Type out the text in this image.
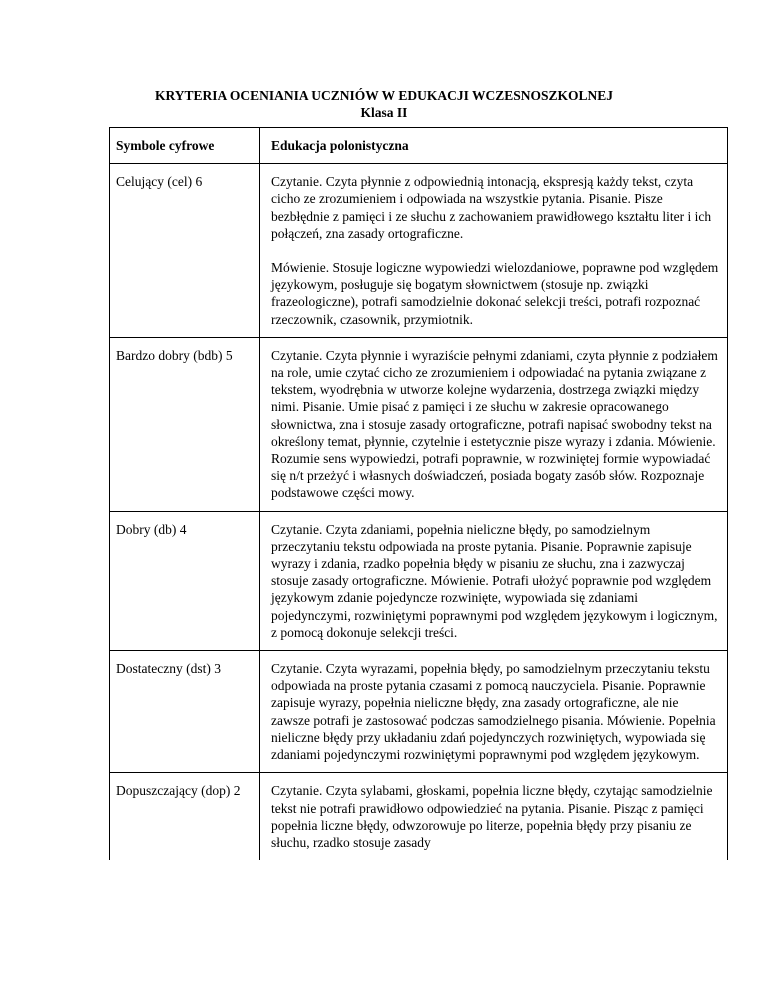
KRYTERIA OCENIANIA UCZNIÓW W EDUKACJI WCZESNOSZKOLNEJ
Klasa II
Symbole cyfrowe	Edukacja polonistyczna
Celujący (cel) 6	Czytanie. Czyta płynnie z odpowiednią intonacją, ekspresją każdy tekst, czyta cicho ze zrozumieniem i odpowiada na wszystkie pytania. Pisanie. Pisze bezbłędnie z pamięci i ze słuchu z zachowaniem prawidłowego kształtu liter i ich połączeń, zna zasady ortograficzne.

Mówienie. Stosuje logiczne wypowiedzi wielozdaniowe, poprawne pod względem językowym, posługuje się bogatym słownictwem (stosuje np. związki frazeologiczne), potrafi samodzielnie dokonać selekcji treści, potrafi rozpoznać rzeczownik, czasownik, przymiotnik.

Bardzo dobry (bdb) 5	Czytanie. Czyta płynnie i wyraziście pełnymi zdaniami, czyta płynnie z podziałem na role, umie czytać cicho ze zrozumieniem i odpowiadać na pytania związane z tekstem, wyodrębnia w utworze kolejne wydarzenia, dostrzega związki między nimi. Pisanie. Umie pisać z pamięci i ze słuchu w zakresie opracowanego słownictwa, zna i stosuje zasady ortograficzne, potrafi napisać swobodny tekst na określony temat, płynnie, czytelnie i estetycznie pisze wyrazy i zdania. Mówienie. Rozumie sens wypowiedzi, potrafi poprawnie, w rozwiniętej formie wypowiadać się n/t przeżyć i własnych doświadczeń, posiada bogaty zasób słów. Rozpoznaje podstawowe części mowy.

Dobry (db) 4	Czytanie. Czyta zdaniami, popełnia nieliczne błędy, po samodzielnym przeczytaniu tekstu odpowiada na proste pytania. Pisanie. Poprawnie zapisuje wyrazy i zdania, rzadko popełnia błędy w pisaniu ze słuchu, zna i zazwyczaj stosuje zasady ortograficzne. Mówienie. Potrafi ułożyć poprawnie pod względem językowym zdanie pojedyncze rozwinięte, wypowiada się zdaniami pojedynczymi, rozwiniętymi poprawnymi pod względem językowym i logicznym, z pomocą dokonuje selekcji treści.

Dostateczny (dst) 3	Czytanie. Czyta wyrazami, popełnia błędy, po samodzielnym przeczytaniu tekstu odpowiada na proste pytania czasami z pomocą nauczyciela. Pisanie. Poprawnie zapisuje wyrazy, popełnia nieliczne błędy, zna zasady ortograficzne, ale nie zawsze potrafi je zastosować podczas samodzielnego pisania. Mówienie. Popełnia nieliczne błędy przy układaniu zdań pojedynczych rozwiniętych, wypowiada się zdaniami pojedynczymi rozwiniętymi poprawnymi pod względem językowym.

Dopuszczający (dop) 2	Czytanie. Czyta sylabami, głoskami, popełnia liczne błędy, czytając samodzielnie tekst nie potrafi prawidłowo odpowiedzieć na pytania. Pisanie. Pisząc z pamięci popełnia liczne błędy, odwzorowuje po literze, popełnia błędy przy pisaniu ze słuchu, rzadko stosuje zasady
